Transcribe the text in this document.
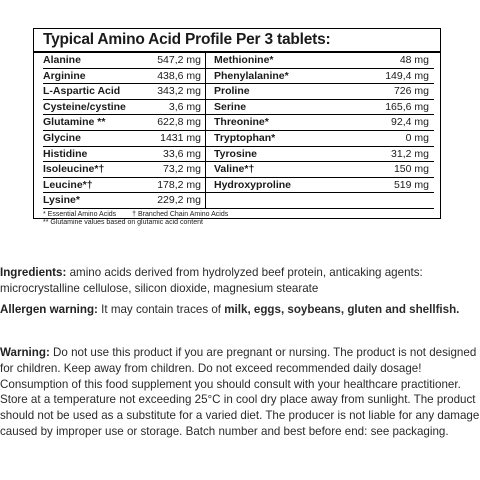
Typical Amino Acid Profile Per 3 tablets:
Alanine	547,2 mg	Methionine*	48 mg
Arginine	438,6 mg	Phenylalanine*	149,4 mg
L-Aspartic Acid	343,2 mg	Proline	726 mg
Cysteine/cystine	3,6 mg	Serine	165,6 mg
Glutamine **	622,8 mg	Threonine*	92,4 mg
Glycine	1431 mg	Tryptophan*	0 mg
Histidine	33,6 mg	Tyrosine	31,2 mg
Isoleucine*†	73,2 mg	Valine*†	150 mg
Leucine*†	178,2 mg	Hydroxyproline	519 mg
Lysine*	229,2 mg
* Essential Amino Acids † Branched Chain Amino Acids
** Glutamine values based on glutamic acid content
Ingredients: amino acids derived from hydrolyzed beef protein, anticaking agents: microcrystalline cellulose, silicon dioxide, magnesium stearate
Allergen warning: It may contain traces of milk, eggs, soybeans, gluten and shellfish.
Warning: Do not use this product if you are pregnant or nursing. The product is not designed for children. Keep away from children. Do not exceed recommended daily dosage! Consumption of this food supplement you should consult with your healthcare practitioner. Store at a temperature not exceeding 25°C in cool dry place away from sunlight. The product should not be used as a substitute for a varied diet. The producer is not liable for any damage caused by improper use or storage. Batch number and best before end: see packaging.
